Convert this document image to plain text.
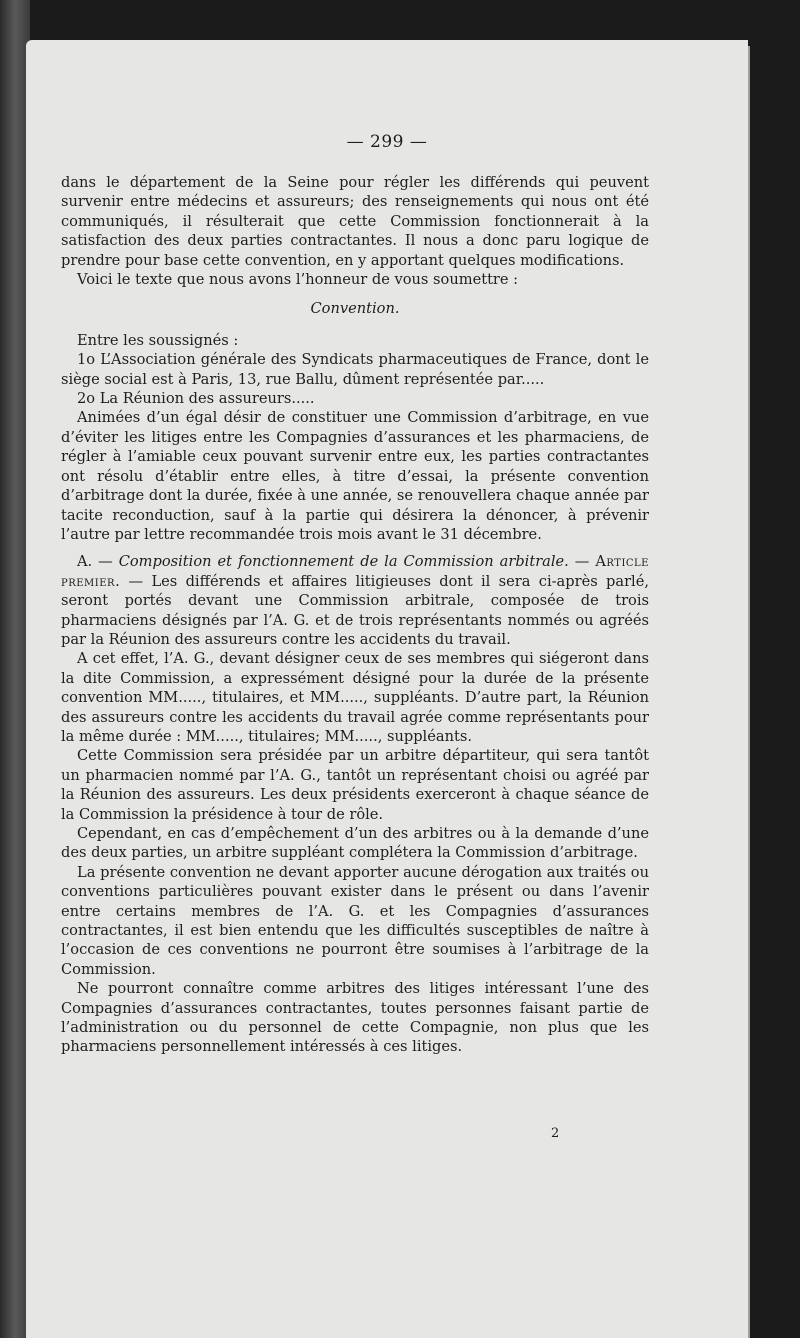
— 299 —

dans le département de la Seine pour régler les différends qui peuvent survenir entre médecins et assureurs; des renseignements qui nous ont été communiqués, il résulterait que cette Commission fonctionnerait à la satisfaction des deux parties contractantes. Il nous a donc paru logique de prendre pour base cette convention, en y apportant quelques modifications.

Voici le texte que nous avons l’honneur de vous soumettre :

Convention.

Entre les soussignés :

1o L’Association générale des Syndicats pharmaceutiques de France, dont le siège social est à Paris, 13, rue Ballu, dûment représentée par.....

2o La Réunion des assureurs.....

Animées d’un égal désir de constituer une Commission d’arbitrage, en vue d’éviter les litiges entre les Compagnies d’assurances et les pharmaciens, de régler à l’amiable ceux pouvant survenir entre eux, les parties contractantes ont résolu d’établir entre elles, à titre d’essai, la présente convention d’arbitrage dont la durée, fixée à une année, se renouvellera chaque année par tacite reconduction, sauf à la partie qui désirera la dénoncer, à prévenir l’autre par lettre recommandée trois mois avant le 31 décembre.

A. — Composition et fonctionnement de la Commission arbitrale. — Article premier. — Les différends et affaires litigieuses dont il sera ci-après parlé, seront portés devant une Commission arbitrale, composée de trois pharmaciens désignés par l’A. G. et de trois représentants nommés ou agréés par la Réunion des assureurs contre les accidents du travail.

A cet effet, l’A. G., devant désigner ceux de ses membres qui siégeront dans la dite Commission, a expressément désigné pour la durée de la présente convention MM....., titulaires, et MM....., suppléants. D’autre part, la Réunion des assureurs contre les accidents du travail agrée comme représentants pour la même durée : MM....., titulaires; MM....., suppléants.

Cette Commission sera présidée par un arbitre départiteur, qui sera tantôt un pharmacien nommé par l’A. G., tantôt un représentant choisi ou agréé par la Réunion des assureurs. Les deux présidents exerceront à chaque séance de la Commission la présidence à tour de rôle.

Cependant, en cas d’empêchement d’un des arbitres ou à la demande d’une des deux parties, un arbitre suppléant complétera la Commission d’arbitrage.

La présente convention ne devant apporter aucune dérogation aux traités ou conventions particulières pouvant exister dans le présent ou dans l’avenir entre certains membres de l’A. G. et les Compagnies d’assurances contractantes, il est bien entendu que les difficultés susceptibles de naître à l’occasion de ces conventions ne pourront être soumises à l’arbitrage de la Commission.

Ne pourront connaître comme arbitres des litiges intéressant l’une des Compagnies d’assurances contractantes, toutes personnes faisant partie de l’administration ou du personnel de cette Compagnie, non plus que les pharmaciens personnellement intéressés à ces litiges.

2
